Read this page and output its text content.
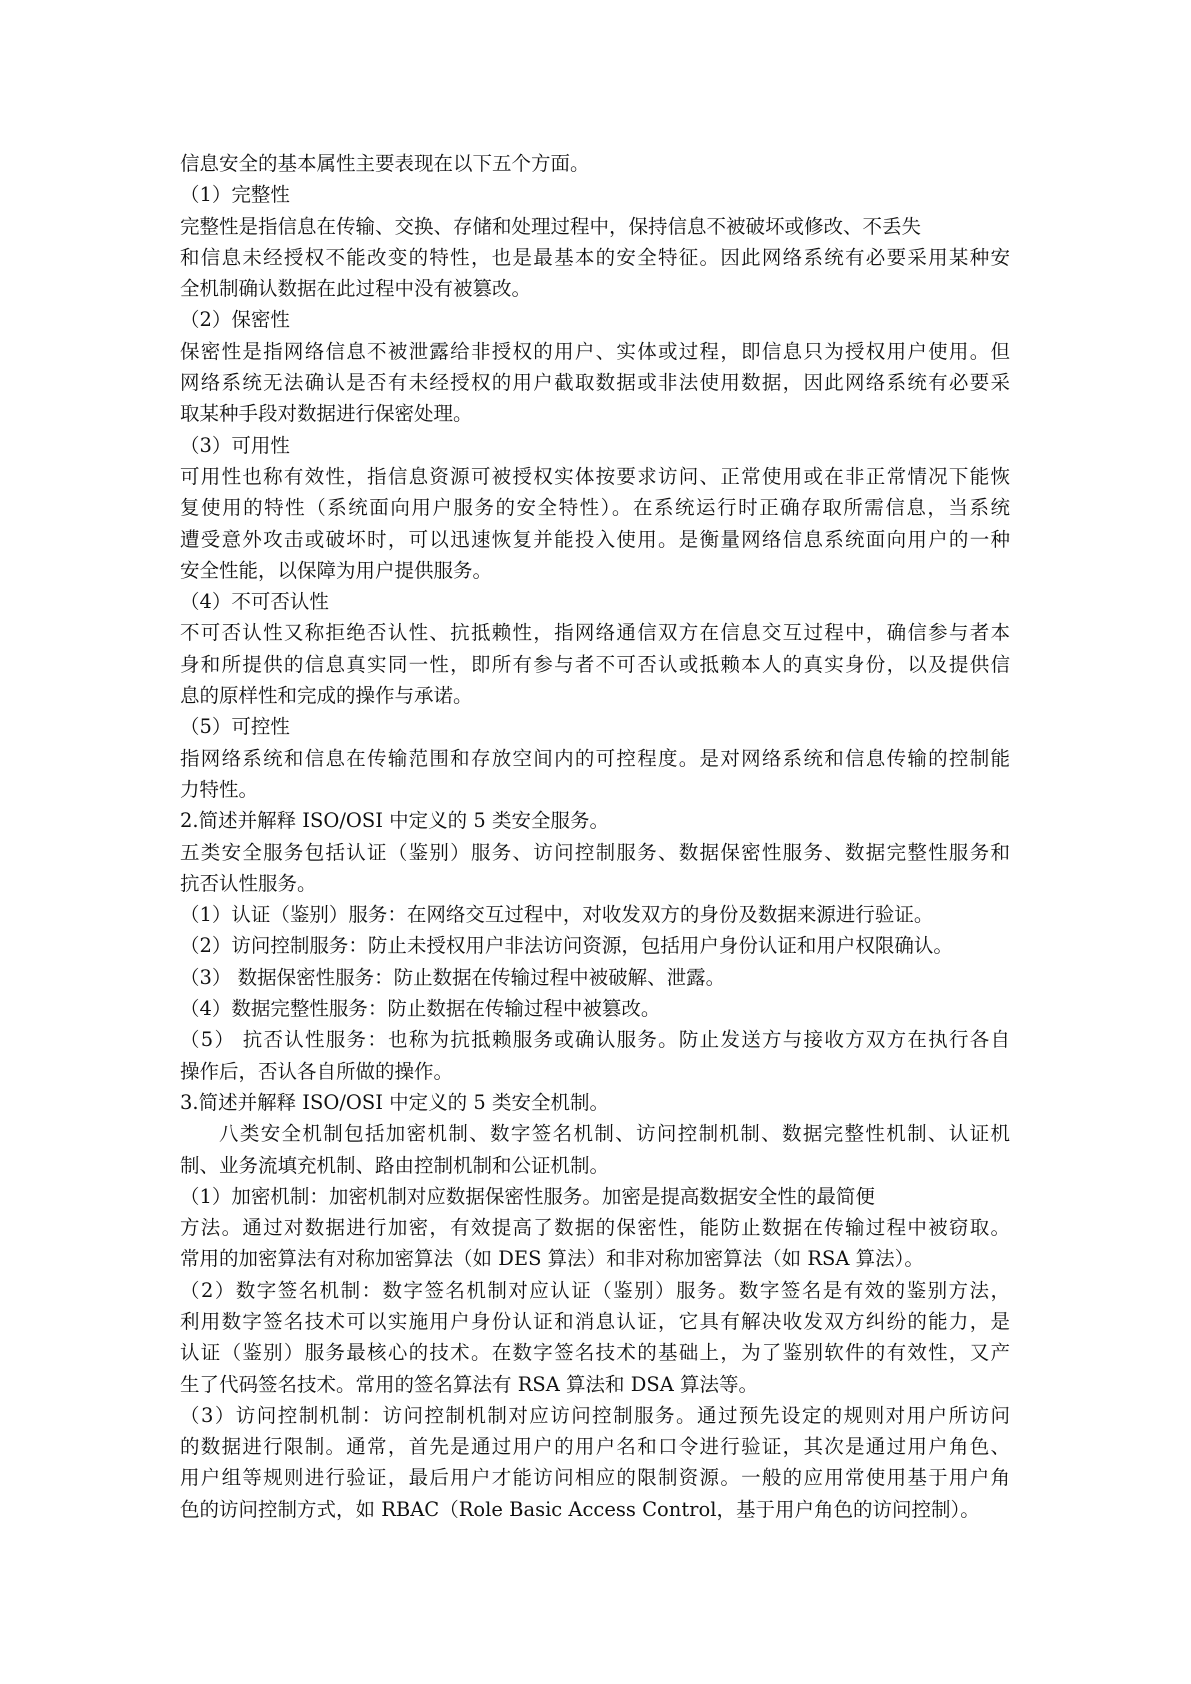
信息安全的基本属性主要表现在以下五个方面。
（1）完整性
完整性是指信息在传输、交换、存储和处理过程中，保持信息不被破坏或修改、不丢失
和信息未经授权不能改变的特性，也是最基本的安全特征。因此网络系统有必要采用某种安
全机制确认数据在此过程中没有被篡改。
（2）保密性
保密性是指网络信息不被泄露给非授权的用户、实体或过程，即信息只为授权用户使用。但
网络系统无法确认是否有未经授权的用户截取数据或非法使用数据，因此网络系统有必要采
取某种手段对数据进行保密处理。
（3）可用性
可用性也称有效性，指信息资源可被授权实体按要求访问、正常使用或在非正常情况下能恢
复使用的特性（系统面向用户服务的安全特性）。在系统运行时正确存取所需信息，当系统
遭受意外攻击或破坏时，可以迅速恢复并能投入使用。是衡量网络信息系统面向用户的一种
安全性能，以保障为用户提供服务。
（4）不可否认性
不可否认性又称拒绝否认性、抗抵赖性，指网络通信双方在信息交互过程中，确信参与者本
身和所提供的信息真实同一性，即所有参与者不可否认或抵赖本人的真实身份，以及提供信
息的原样性和完成的操作与承诺。
（5）可控性
指网络系统和信息在传输范围和存放空间内的可控程度。是对网络系统和信息传输的控制能
力特性。
2.简述并解释 ISO/OSI 中定义的 5 类安全服务。
五类安全服务包括认证（鉴别）服务、访问控制服务、数据保密性服务、数据完整性服务和
抗否认性服务。
（1）认证（鉴别）服务：在网络交互过程中，对收发双方的身份及数据来源进行验证。
（2）访问控制服务：防止未授权用户非法访问资源，包括用户身份认证和用户权限确认。
（3） 数据保密性服务：防止数据在传输过程中被破解、泄露。
（4）数据完整性服务：防止数据在传输过程中被篡改。
（5） 抗否认性服务：也称为抗抵赖服务或确认服务。防止发送方与接收方双方在执行各自
操作后，否认各自所做的操作。
3.简述并解释 ISO/OSI 中定义的 5 类安全机制。
八类安全机制包括加密机制、数字签名机制、访问控制机制、数据完整性机制、认证机
制、业务流填充机制、路由控制机制和公证机制。
（1）加密机制：加密机制对应数据保密性服务。加密是提高数据安全性的最简便
方法。通过对数据进行加密，有效提高了数据的保密性，能防止数据在传输过程中被窃取。
常用的加密算法有对称加密算法（如 DES 算法）和非对称加密算法（如 RSA 算法）。
（2）数字签名机制：数字签名机制对应认证（鉴别）服务。数字签名是有效的鉴别方法，
利用数字签名技术可以实施用户身份认证和消息认证，它具有解决收发双方纠纷的能力，是
认证（鉴别）服务最核心的技术。在数字签名技术的基础上，为了鉴别软件的有效性，又产
生了代码签名技术。常用的签名算法有 RSA 算法和 DSA 算法等。
（3）访问控制机制：访问控制机制对应访问控制服务。通过预先设定的规则对用户所访问
的数据进行限制。通常，首先是通过用户的用户名和口令进行验证，其次是通过用户角色、
用户组等规则进行验证，最后用户才能访问相应的限制资源。一般的应用常使用基于用户角
色的访问控制方式，如 RBAC（Role Basic Access Control，基于用户角色的访问控制）。
